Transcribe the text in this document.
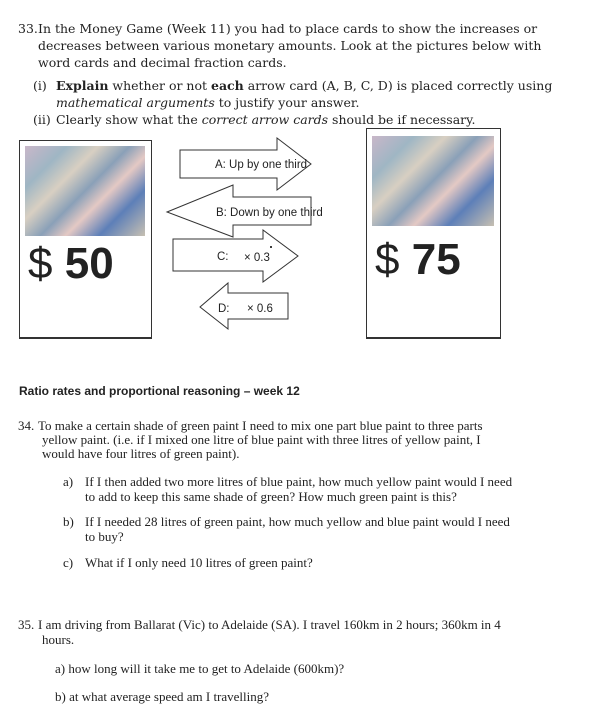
33. In the Money Game (Week 11) you had to place cards to show the increases or
decreases between various monetary amounts. Look at the pictures below with
word cards and decimal fraction cards.
(i) Explain whether or not each arrow card (A, B, C, D) is placed correctly using
mathematical arguments to justify your answer.
(ii) Clearly show what the correct arrow cards should be if necessary.
$ 50	$ 75
A: Up by one third
B: Down by one third
C: × 0.3
D: × 0.6
Ratio rates and proportional reasoning – week 12
34. To make a certain shade of green paint I need to mix one part blue paint to three parts
yellow paint. (i.e. if I mixed one litre of blue paint with three litres of yellow paint, I
would have four litres of green paint).
a) If I then added two more litres of blue paint, how much yellow paint would I need
to add to keep this same shade of green? How much green paint is this?
b) If I needed 28 litres of green paint, how much yellow and blue paint would I need
to buy?
c) What if I only need 10 litres of green paint?
35. I am driving from Ballarat (Vic) to Adelaide (SA). I travel 160km in 2 hours; 360km in 4
hours.
a) how long will it take me to get to Adelaide (600km)?
b) at what average speed am I travelling?
